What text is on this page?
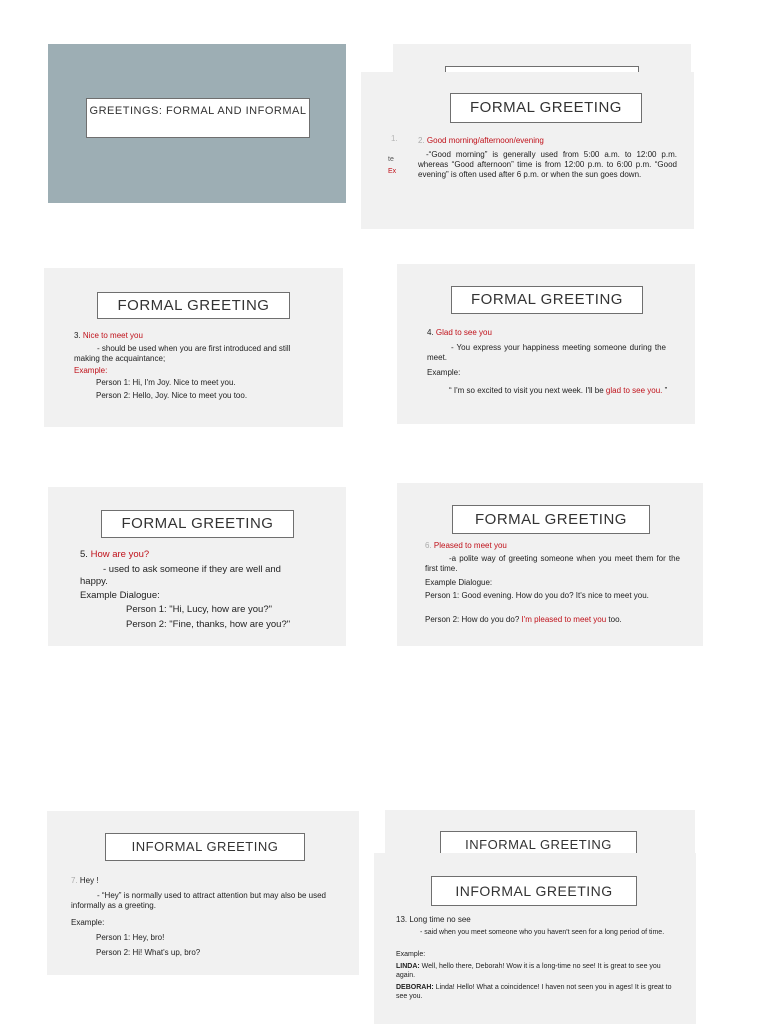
GREETINGS: FORMAL AND INFORMAL	FORMAL GREETING
1.
te
Ex
2. Good morning/afternoon/evening

-“Good morning” is generally used from 5:00 a.m. to 12:00 p.m. whereas “Good afternoon” time is from 12:00 p.m. to 6:00 p.m. “Good evening” is often used after 6 p.m. or when the sun goes down.

FORMAL GREETING
3. Nice to meet you
- should be used when you are first introduced and still
making the acquaintance;
Example:
Person 1: Hi, I'm Joy. Nice to meet you.
Person 2: Hello, Joy. Nice to meet you too.
FORMAL GREETING
4. Glad to see you

- You express your happiness meeting someone during the meet.

Example:

“ I'm so excited to visit you next week. I'll be glad to see you. ”

FORMAL GREETING
5. How are you?
- used to ask someone if they are well and
happy.
Example Dialogue:
Person 1: "Hi, Lucy, how are you?"
Person 2: "Fine, thanks, how are you?"
FORMAL GREETING
6. Pleased to meet you

-a polite way of greeting someone when you meet them for the first time.

Example Dialogue:

Person 1: Good evening. How do you do? It's nice to meet you.

Person 2: How do you do? I'm pleased to meet you too.

INFORMAL GREETING
7. Hey !

- “Hey” is normally used to attract attention but may also be used informally as a greeting.

Example:
Person 1: Hey, bro!
Person 2: Hi! What's up, bro?
INFORMAL GREETING
INFORMAL GREETING
13. Long time no see

- said when you meet someone who you haven't seen for a long period of time.

Example:

LINDA: Well, hello there, Deborah! Wow it is a long-time no see! It is great to see you again.

DEBORAH: Linda! Hello! What a coincidence! I haven not seen you in ages! It is great to see you.
